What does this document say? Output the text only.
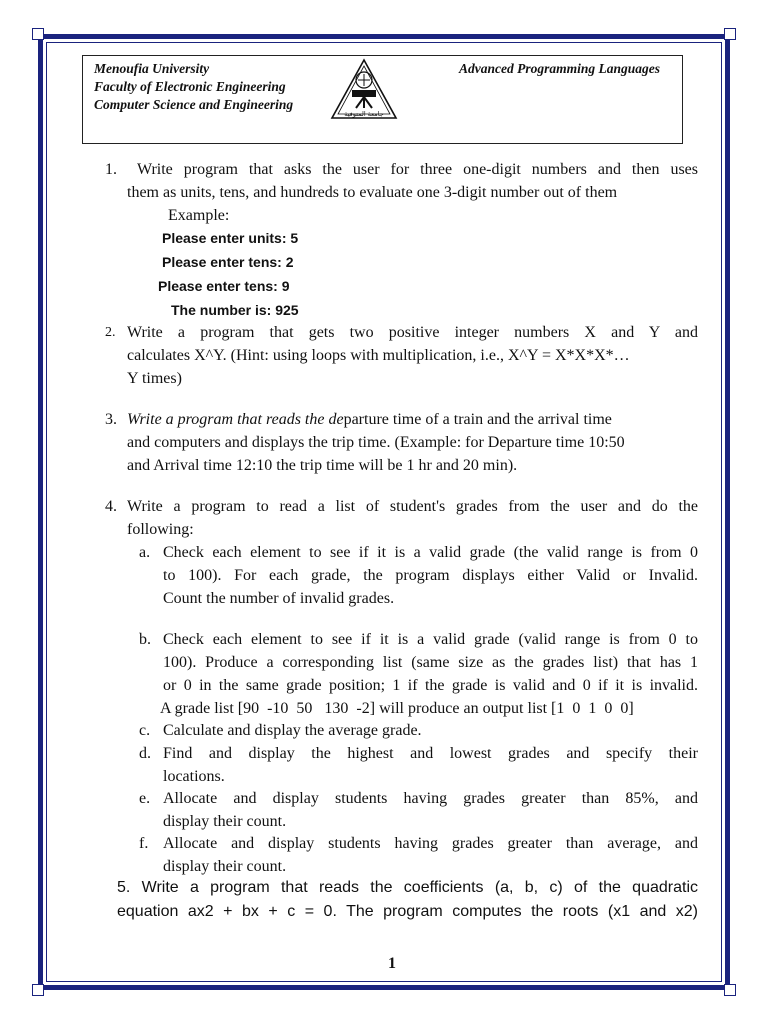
Menoufia University
Faculty of Electronic Engineering
Computer Science and Engineering
Advanced Programming Languages
جامعة المنوفية
1. Write program that asks the user for three one-digit numbers and then uses
them as units, tens, and hundreds to evaluate one 3-digit number out of them
Example:
Please enter units: 5
Please enter tens: 2
Please enter tens: 9
The number is: 925
2. Write a program that gets two positive integer numbers X and Y and
calculates X^Y. (Hint: using loops with multiplication, i.e., X^Y = X*X*X*…
Y times)
3. Write a program that reads the departure time of a train and the arrival time
and computers and displays the trip time. (Example: for Departure time 10:50
and Arrival time 12:10 the trip time will be 1 hr and 20 min).
4. Write a program to read a list of student's grades from the user and do the
following:
a. Check each element to see if it is a valid grade (the valid range is from 0
to 100). For each grade, the program displays either Valid or Invalid.
Count the number of invalid grades.
b. Check each element to see if it is a valid grade (valid range is from 0 to
100). Produce a corresponding list (same size as the grades list) that has 1
or 0 in the same grade position; 1 if the grade is valid and 0 if it is invalid.
A grade list [90  -10  50   130  -2] will produce an output list [1  0  1  0  0]
c. Calculate and display the average grade.
d. Find and display the highest and lowest grades and specify their
locations.
e. Allocate and display students having grades greater than 85%, and
display their count.
f. Allocate and display students having grades greater than average, and
display their count.
5. Write a program that reads the coefficients (a, b, c) of the quadratic
equation ax2 + bx + c = 0. The program computes the roots (x1 and x2)
1
